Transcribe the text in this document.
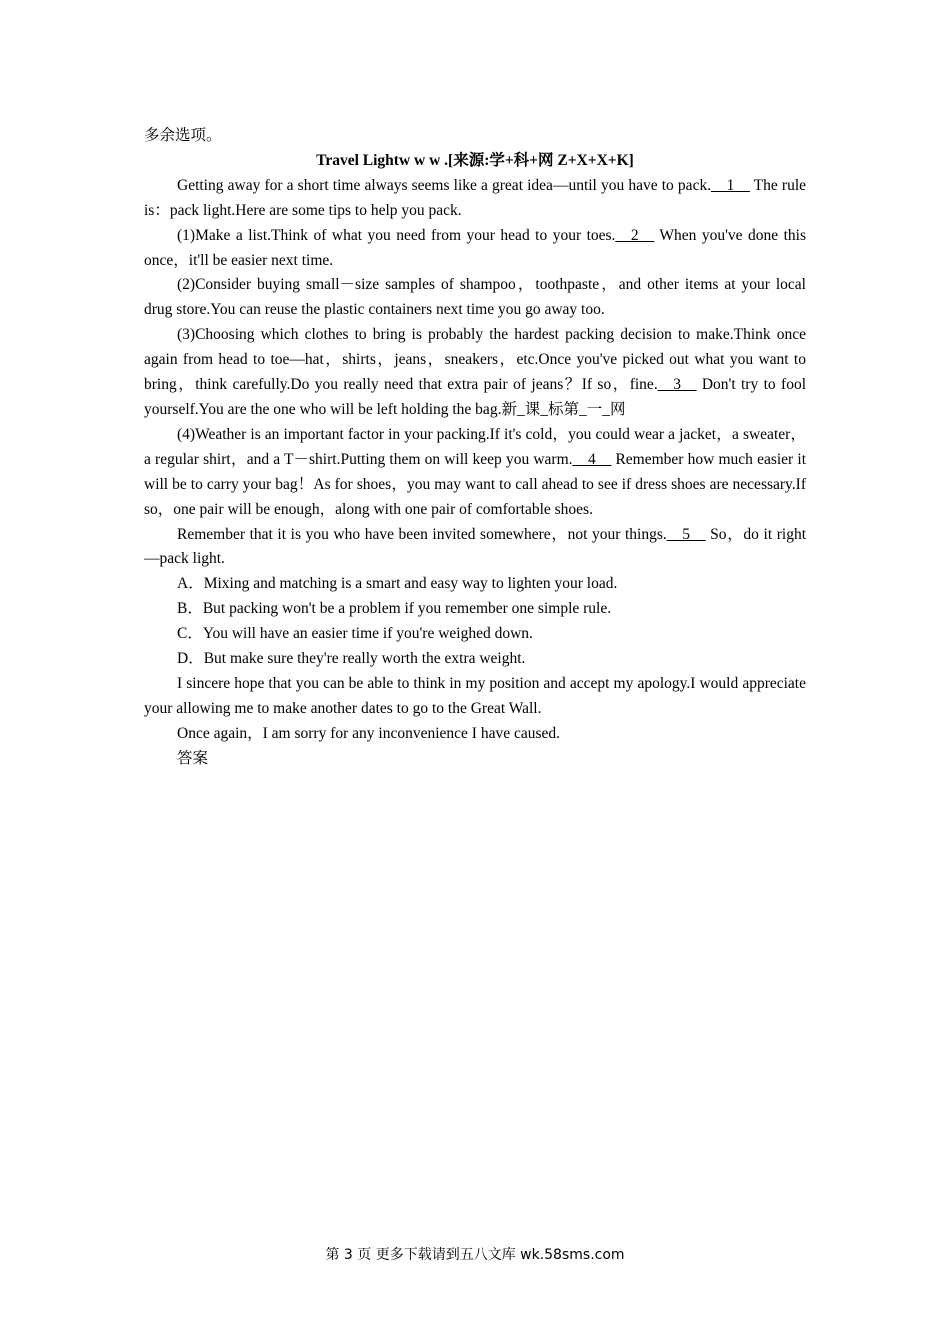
多余选项。

Travel Lightw w w .[来源:学+科+网 Z+X+X+K]

Getting away for a short time always seems like a great idea—until you have to pack.__1__ The rule is：pack light.Here are some tips to help you pack.

(1)Make a list.Think of what you need from your head to your toes.__2__ When you've done this once，it'll be easier next time.

(2)Consider buying small－size samples of shampoo，toothpaste，and other items at your local drug store.You can reuse the plastic containers next time you go away too.

(3)Choosing which clothes to bring is probably the hardest packing decision to make.Think once again from head to toe—hat，shirts，jeans，sneakers，etc.Once you've picked out what you want to bring，think carefully.Do you really need that extra pair of jeans？If so，fine.__3__ Don't try to fool yourself.You are the one who will be left holding the bag.新_课_标第_一_网

(4)Weather is an important factor in your packing.If it's cold，you could wear a jacket，a sweater，a regular shirt，and a T－shirt.Putting them on will keep you warm.__4__ Remember how much easier it will be to carry your bag！As for shoes，you may want to call ahead to see if dress shoes are necessary.If so，one pair will be enough，along with one pair of comfortable shoes.

Remember that it is you who have been invited somewhere，not your things.__5__ So，do it right—pack light.

A．Mixing and matching is a smart and easy way to lighten your load.

B．But packing won't be a problem if you remember one simple rule.

C．You will have an easier time if you're weighed down.

D．But make sure they're really worth the extra weight.

I sincere hope that you can be able to think in my position and accept my apology.I would appreciate your allowing me to make another dates to go to the Great Wall.

Once again，I am sorry for any inconvenience I have caused.

答案

第 3 页 更多下载请到五八文库 wk.58sms.com
